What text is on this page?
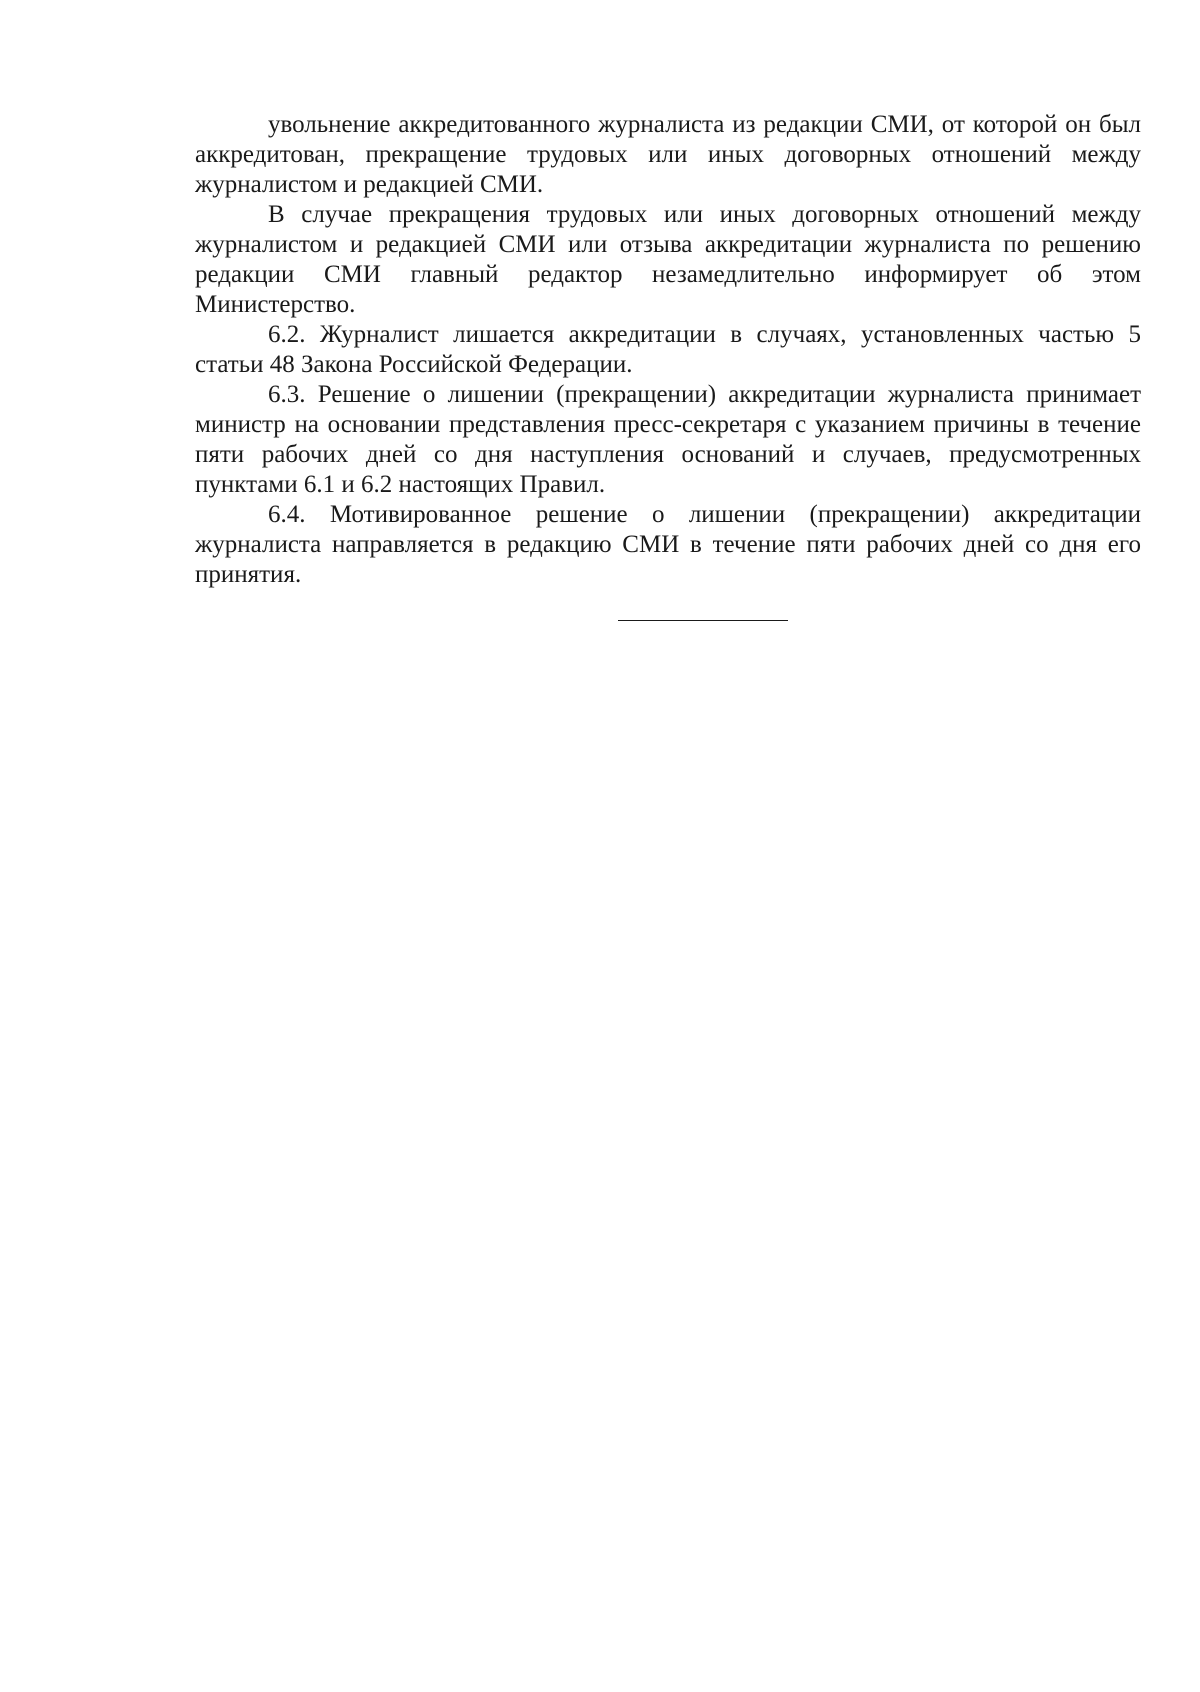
увольнение аккредитованного журналиста из редакции СМИ, от которой он был аккредитован, прекращение трудовых или иных договорных отношений между журналистом и редакцией СМИ.

В случае прекращения трудовых или иных договорных отношений между журналистом и редакцией СМИ или отзыва аккредитации журналиста по решению редакции СМИ главный редактор незамедлительно информирует об этом Министерство.

6.2. Журналист лишается аккредитации в случаях, установленных частью 5 статьи 48 Закона Российской Федерации.

6.3. Решение о лишении (прекращении) аккредитации журналиста принимает министр на основании представления пресс-секретаря с указанием причины в течение пяти рабочих дней со дня наступления оснований и случаев, предусмотренных пунктами 6.1 и 6.2 настоящих Правил.

6.4. Мотивированное решение о лишении (прекращении) аккредитации журналиста направляется в редакцию СМИ в течение пяти рабочих дней со дня его принятия.
